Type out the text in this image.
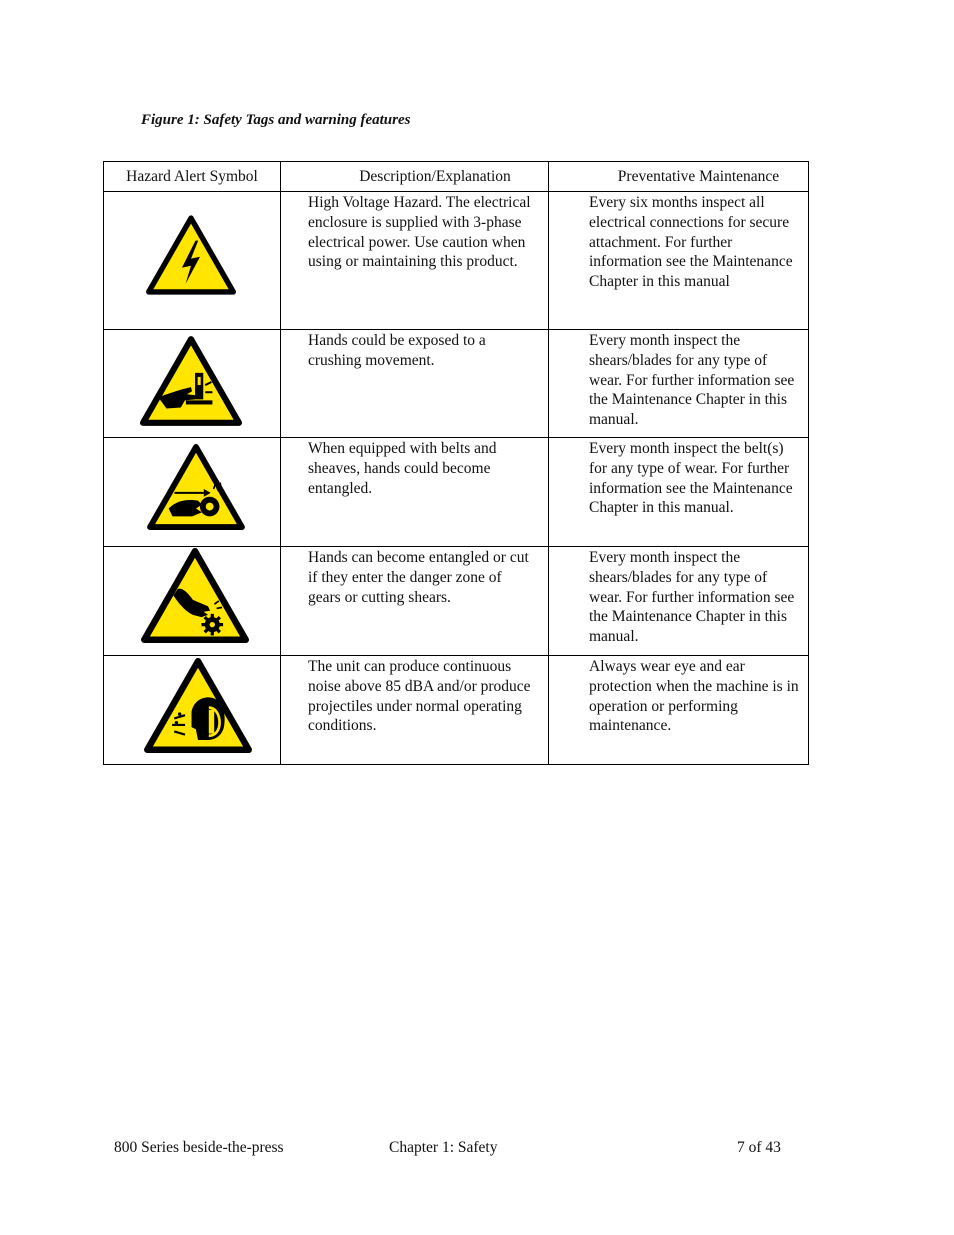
Figure 1: Safety Tags and warning features
Hazard Alert Symbol	Description/Explanation	Preventative Maintenance

High Voltage Hazard. The electrical enclosure is supplied with 3-phase electrical power. Use caution when using or maintaining this product.	Every six months inspect all electrical connections for secure attachment. For further information see the Maintenance Chapter in this manual

Hands could be exposed to a crushing movement.	Every month inspect the shears/blades for any type of wear. For further information see the Maintenance Chapter in this manual.

When equipped with belts and sheaves, hands could become entangled.	Every month inspect the belt(s) for any type of wear. For further information see the Maintenance Chapter in this manual.

Hands can become entangled or cut if they enter the danger zone of gears or cutting shears.	Every month inspect the shears/blades for any type of wear. For further information see the Maintenance Chapter in this manual.

The unit can produce continuous noise above 85 dBA and/or produce projectiles under normal operating conditions.	Always wear eye and ear protection when the machine is in operation or performing maintenance.
800 Series beside-the-press	Chapter 1: Safety	7 of 43
